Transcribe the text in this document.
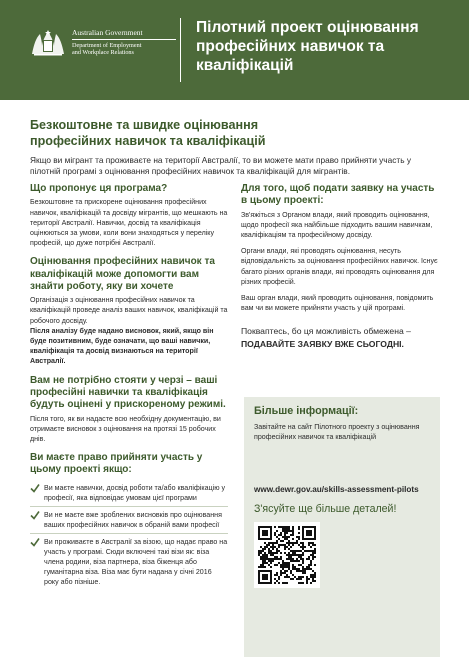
Australian Government
Department of Employment
and Workplace Relations
Пілотний проект оцінювання професійних навичок та кваліфікацій
Безкоштовне та швидке оцінювання професійних навичок та кваліфікацій
Якщо ви мігрант та проживаєте на території Австралії, то ви можете мати право прийняти участь у пілотній програмі з оцінювання професійних навичок та кваліфікацій для мігрантів.
Що пропонує ця програма?

Безкоштовне та прискорене оцінювання професійних навичок, кваліфікацій та досвіду мігрантів, що мешкають на території Австралії. Навички, досвід та кваліфікація оцінюються за умови, коли вони знаходяться у переліку професій, що дуже потрібні Австралії.

Оцінювання професійних навичок та кваліфікацій може допомогти вам знайти роботу, яку ви хочете

Організація з оцінювання професійних навичок та кваліфікацій проведе аналіз ваших навичок, кваліфікацій та робочого досвіду.

Після аналізу буде надано висновок, який, якщо він буде позитивним, буде означати, що ваші навички, кваліфікація та досвід визнаються на території Австралії.

Вам не потрібно стояти у черзі – ваші професійні навички та кваліфікація будуть оцінені у прискореному режимі.

Після того, як ви надасте всю необхідну документацію, ви отримаєте висновок з оцінювання на протязі 15 робочих днів.

Ви маєте право прийняти участь у цьому проекті якщо:
Ви маєте навички, досвід роботи та/або кваліфікацію у професії, яка відповідає умовам цієї програми
Ви не маєте вже зроблених висновків про оцінювання ваших професійних навичок в обраній вами професії
Ви проживаєте в Австралії за візою, що надає право на участь у програмі. Сюди включені такі візи як: віза члена родини, віза партнера, віза біженця або гуманітарна віза. Віза має бути надана у січні 2016 року або пізніше.
Для того, щоб подати заявку на участь в цьому проекті:

Зв'яжіться з Органом влади, який проводить оцінювання, щодо професії яка найбільше підходить вашим навичкам, кваліфікаціям та професійному досвіду.

Органи влади, які проводять оцінювання, несуть відповідальність за оцінювання професійних навичок. Існує багато різних органів влади, які проводять оцінювання для різних професій.

Ваш орган влади, який проводить оцінювання, повідомить вам чи ви можете прийняти участь у цій програмі.

Покваптесь, бо ця можливість обмежена –
ПОДАВАЙТЕ ЗАЯВКУ ВЖЕ СЬОГОДНІ.
Більше інформації:
Завітайте на сайт Пілотного проекту з оцінювання професійних навичок та кваліфікацій
www.dewr.gov.au/skills-assessment-pilots
З'ясуйте ще більше деталей!
